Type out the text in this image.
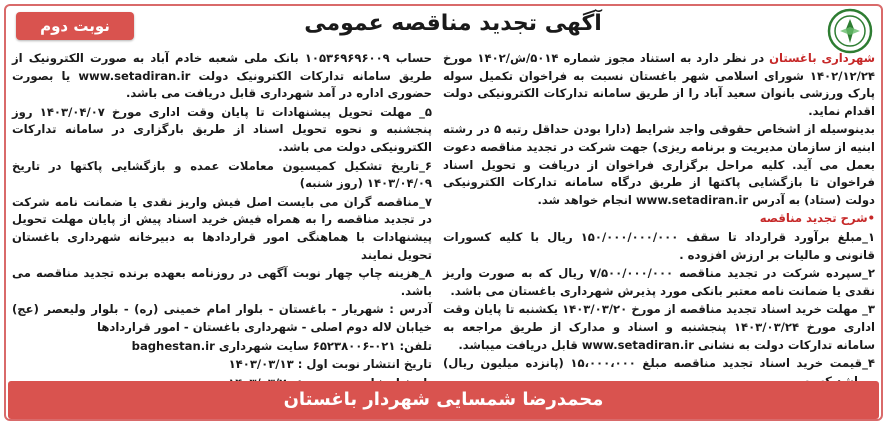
نوبت دوم	آگهی تجدید مناقصه عمومی

شهرداری باغستان در نظر دارد به استناد مجوز شماره ۵۰۱۴/ش/۱۴۰۲ مورخ ۱۴۰۲/۱۲/۲۴ شورای اسلامی شهر باغستان نسبت به فراخوان تکمیل سوله پارک ورزشی بانوان سعید آباد را از طریق سامانه تدارکات الکترونیکی دولت اقدام نماید.

بدینوسیله از اشخاص حقوقی واجد شرایط (دارا بودن حداقل رتبه ۵ در رشته ابنیه از سازمان مدیریت و برنامه ریزی) جهت شرکت در تجدید مناقصه دعوت بعمل می آید. کلیه مراحل برگزاری فراخوان از دریافت و تحویل اسناد فراخوان تا بازگشایی پاکتها از طریق درگاه سامانه تدارکات الکترونیکی دولت (ستاد) به آدرس www.setadiran.ir انجام خواهد شد.

•شرح تجدید مناقصه

۱_مبلغ برآورد قرارداد تا سقف ۱۵۰/۰۰۰/۰۰۰/۰۰۰ ریال با کلیه کسورات قانونی و مالیات بر ارزش افزوده .

۲_سپرده شرکت در تجدید مناقصه ۷/۵۰۰/۰۰۰/۰۰۰ ریال که به صورت واریز نقدی یا ضمانت نامه معتبر بانکی مورد پذیرش شهرداری باغستان می باشد.

۳_ مهلت خرید اسناد تجدید مناقصه از مورخ ۱۴۰۳/۰۳/۲۰ یکشنبه تا پایان وقت اداری مورخ ۱۴۰۳/۰۳/۲۴ پنجشنبه و اسناد و مدارک از طریق مراجعه به سامانه تدارکات دولت به نشانی www.setadiran.ir قابل دریافت میباشد.

۴_قیمت خرید اسناد تجدید مناقصه مبلغ ۱۵،۰۰۰،۰۰۰ (پانزده میلیون ریال)

حساب ۱۰۵۳۶۹۶۹۶۰۰۹ بانک ملی شعبه خادم آباد به صورت الکترونیک از طریق سامانه تدارکات الکترونیک دولت www.setadiran.ir یا بصورت حضوری اداره در آمد شهرداری قابل دریافت می باشد.

۵_ مهلت تحویل پیشنهادات تا پایان وقت اداری مورخ ۱۴۰۳/۰۴/۰۷ روز پنجشنبه و نحوه تحویل اسناد از طریق بارگزاری در سامانه تدارکات الکترونیکی دولت می باشد.

۶_تاریخ تشکیل کمیسیون معاملات عمده و بازگشایی پاکتها در تاریخ ۱۴۰۳/۰۴/۰۹ (روز شنبه)

۷_مناقصه گران می بایست اصل فیش واریز نقدی یا ضمانت نامه شرکت در تجدید مناقصه را به همراه فیش خرید اسناد پیش از پایان مهلت تحویل پیشنهادات با هماهنگی امور قراردادها به دبیرخانه شهرداری باغستان تحویل نمایند

۸_هزینه چاپ چهار نوبت آگهی در روزنامه بعهده برنده تجدید مناقصه می باشد.

آدرس : شهریار - باغستان - بلوار امام خمینی (ره) - بلوار ولیعصر (عج) خیابان لاله دوم اصلی - شهرداری باغستان - امور قراردادها

تلفن: ۰۲۱-۶۵۲۳۸۰۰۶ سایت شهرداری baghestan.ir

تاریخ انتشار نوبت اول : ۱۴۰۳/۰۳/۱۳

محمدرضا شمسایی شهردار باغستان
